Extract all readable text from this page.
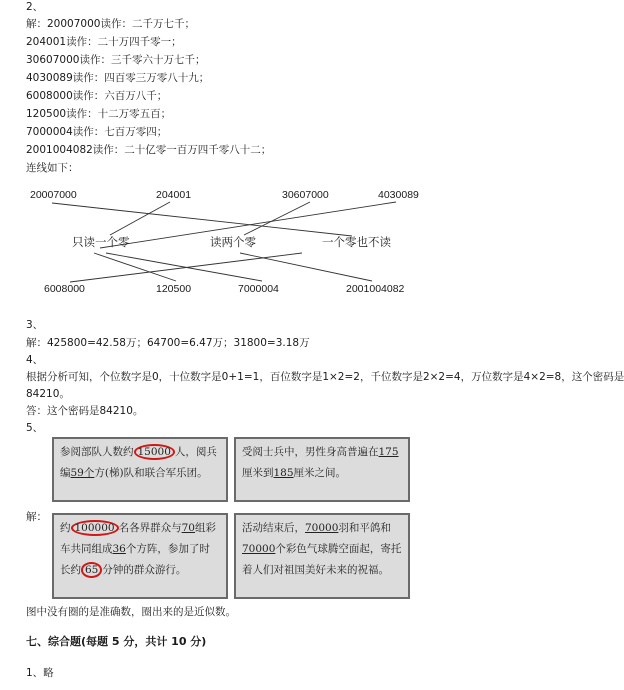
2、
解：20007000读作：二千万七千；
204001读作：二十万四千零一；
30607000读作：三千零六十万七千；
4030089读作：四百零三万零八十九；
6008000读作：六百万八千；
120500读作：十二万零五百；
7000004读作：七百万零四；
2001004082读作：二十亿零一百万四千零八十二；
连线如下：
20007000	204001	30607000	4030089
6008000	120500	7000004	2001004082
只读一个零	读两个零	一个零也不读
3、
解：425800=42.58万；64700=6.47万；31800=3.18万
4、
根据分析可知，个位数字是0，十位数字是0+1=1，百位数字是1×2=2，千位数字是2×2=4，万位数字是4×2=8，这个密码是
84210。
答：这个密码是84210。
5、
解：
参阅部队人数约 15000 人，阅兵编59个方(梯)队和联合军乐团。
受阅士兵中，男性身高普遍在175厘米到185厘米之间。
约 100000 名各界群众与70组彩车共同组成36个方阵，参加了时长约 65 分钟的群众游行。
活动结束后，70000羽和平鸽和70000个彩色气球腾空面起，寄托着人们对祖国美好未来的祝福。
图中没有圈的是准确数，圈出来的是近似数。
七、综合题(每题 5 分，共计 10 分)
1、略
